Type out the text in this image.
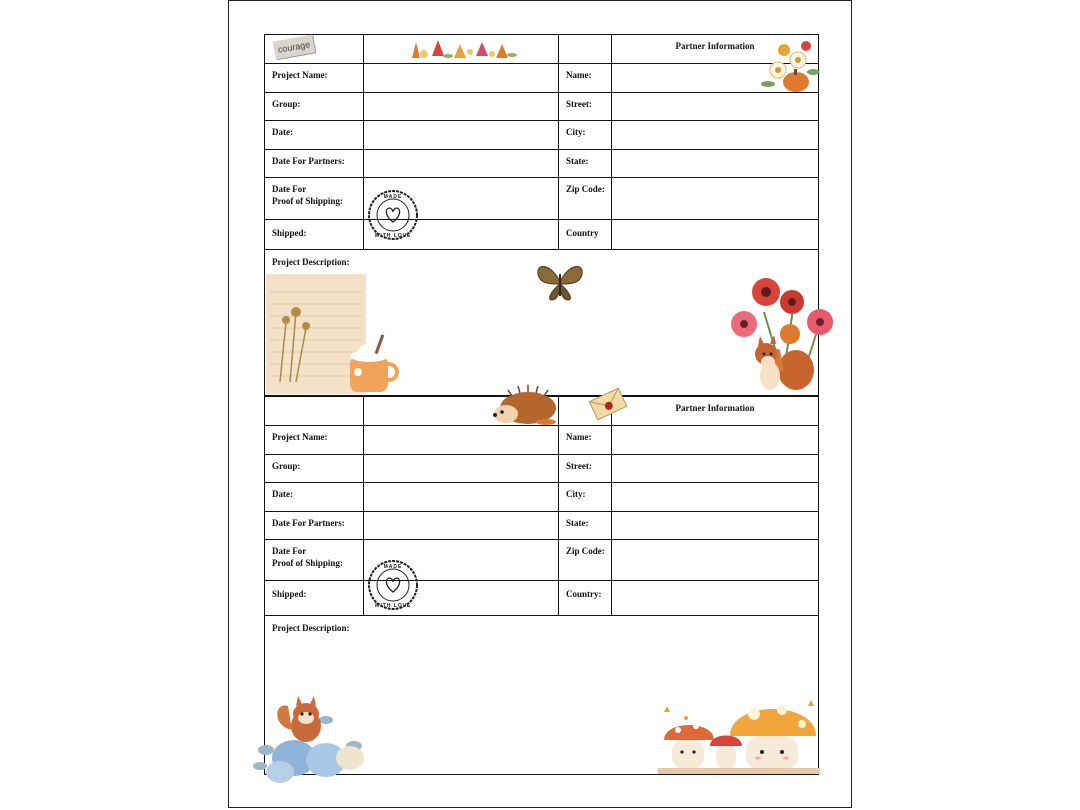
			Partner Information
Project Name:		Name:	
Group:		Street:	
Date:		City:	
Date For Partners:		State:	

Date For
Proof of Shipping:		Zip Code:	
Shipped:		Country	
Project Description:			
			Partner Information
Project Name:		Name:	
Group:		Street:	
Date:		City:	
Date For Partners:		State:	

Date For
Proof of Shipping:		Zip Code:	
Shipped:		Country:	
Project Description:			
courage
MADE
WITH LOVE
MADE
WITH LOVE
